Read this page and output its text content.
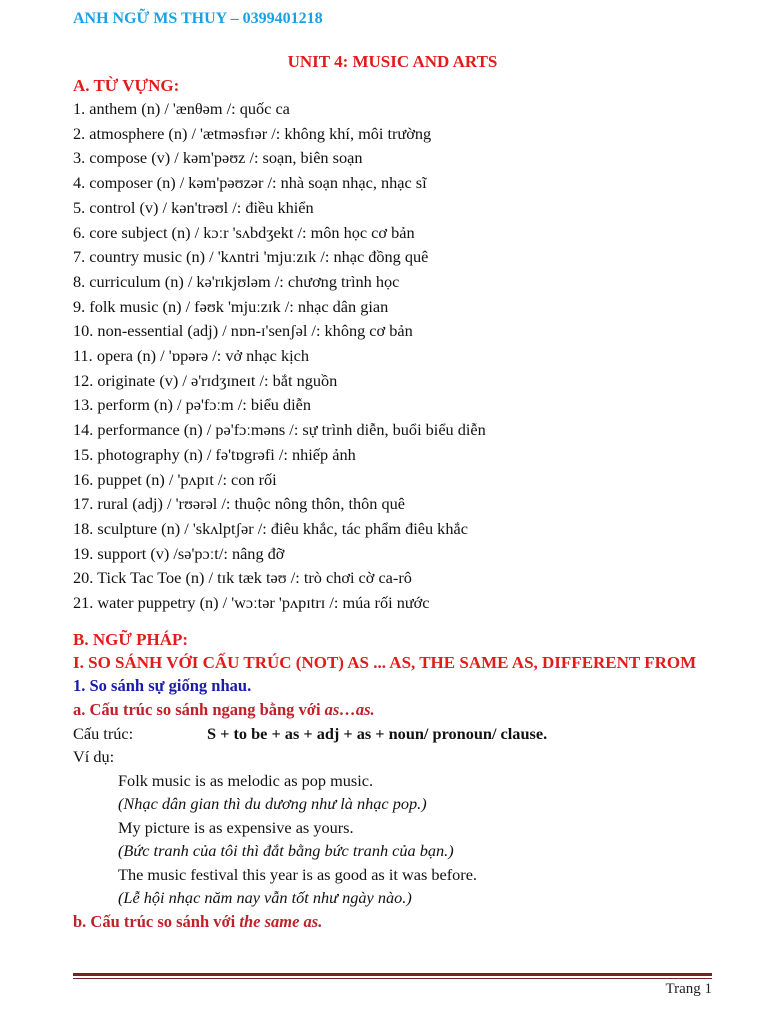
ANH NGỮ MS THUY – 0399401218
UNIT 4: MUSIC AND ARTS
A. TỪ VỰNG:
1. anthem (n) / 'ænθəm /: quốc ca
2. atmosphere (n) / 'ætməsfɪər /: không khí, môi trường
3. compose (v) / kəm'pəʊz /: soạn, biên soạn
4. composer (n) / kəm'pəʊzər /: nhà soạn nhạc, nhạc sĩ
5. control (v) / kən'trəʊl /: điều khiển
6. core subject (n) / kɔːr 'sʌbdʒekt /: môn học cơ bản
7. country music (n) / 'kʌntri 'mjuːzɪk /: nhạc đồng quê
8. curriculum (n) / kə'rɪkjʊləm /: chương trình học
9. folk music (n) / fəʊk 'mjuːzɪk /: nhạc dân gian
10. non-essential (adj) / nɒn-ɪ'senʃəl /: không cơ bản
11. opera (n) / 'ɒpərə /: vở nhạc kịch
12. originate (v) / ə'rɪdʒɪneɪt /: bắt nguồn
13. perform (n) / pə'fɔːm /: biểu diễn
14. performance (n) / pə'fɔːməns /: sự trình diễn, buổi biểu diễn
15. photography (n) / fə'tɒgrəfi /: nhiếp ảnh
16. puppet (n) / 'pʌpɪt /: con rối
17. rural (adj) / 'rʊərəl /: thuộc nông thôn, thôn quê
18. sculpture (n) / 'skʌlptʃər /: điêu khắc, tác phẩm điêu khắc
19. support (v) /sə'pɔːt/: nâng đỡ
20. Tick Tac Toe (n) / tɪk tæk təʊ /: trò chơi cờ ca-rô
21. water puppetry (n) / 'wɔːtər 'pʌpɪtrɪ /: múa rối nước
B. NGỮ PHÁP:
I. SO SÁNH VỚI CẤU TRÚC (NOT) AS ... AS, THE SAME AS, DIFFERENT FROM
1. So sánh sự giống nhau.
a. Cấu trúc so sánh ngang bằng với as…as.
Cấu trúc:	S + to be + as + adj + as + noun/ pronoun/ clause.
Ví dụ:
Folk music is as melodic as pop music.
(Nhạc dân gian thì du dương như là nhạc pop.)
My picture is as expensive as yours.
(Bức tranh của tôi thì đắt bằng bức tranh của bạn.)
The music festival this year is as good as it was before.
(Lễ hội nhạc năm nay vẫn tốt như ngày nào.)
b. Cấu trúc so sánh với the same as.
Trang 1
